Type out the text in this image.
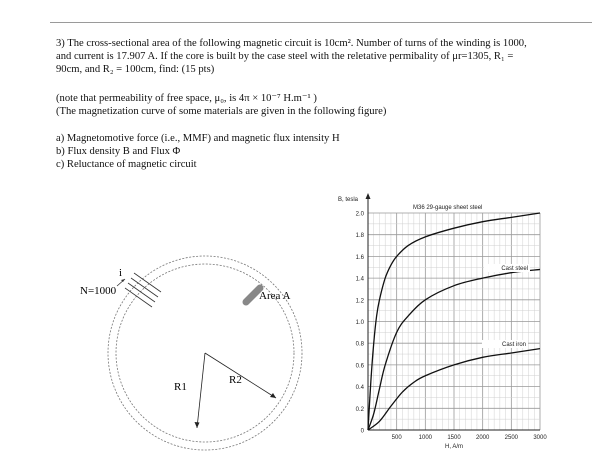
3) The cross-sectional area of the following magnetic circuit is 10cm². Number of turns of the winding is 1000,
and current is 17.907 A. If the core is built by the case steel with the reletative permibality of μr=1305, R₁ =
90cm, and R₂ = 100cm, find: (15 pts)
(note that permeability of free space, μ₀, is 4π × 10⁻⁷ H.m⁻¹ )
(The magnetization curve of some materials are given in the following figure)
a) Magnetomotive force (i.e., MMF) and magnetic flux intensity H
b) Flux density B and Flux Φ
c) Reluctance of magnetic circuit
N=1000
i
Area A
R1
R2
0
0.2
0.4
0.6
0.8
1.0
1.2
1.4
1.6
1.8
2.0
500	1000	1500	2000	2500	3000
B, tesla
H, A/m
M36 29-gauge sheet steel
Cast steel
Cast iron
